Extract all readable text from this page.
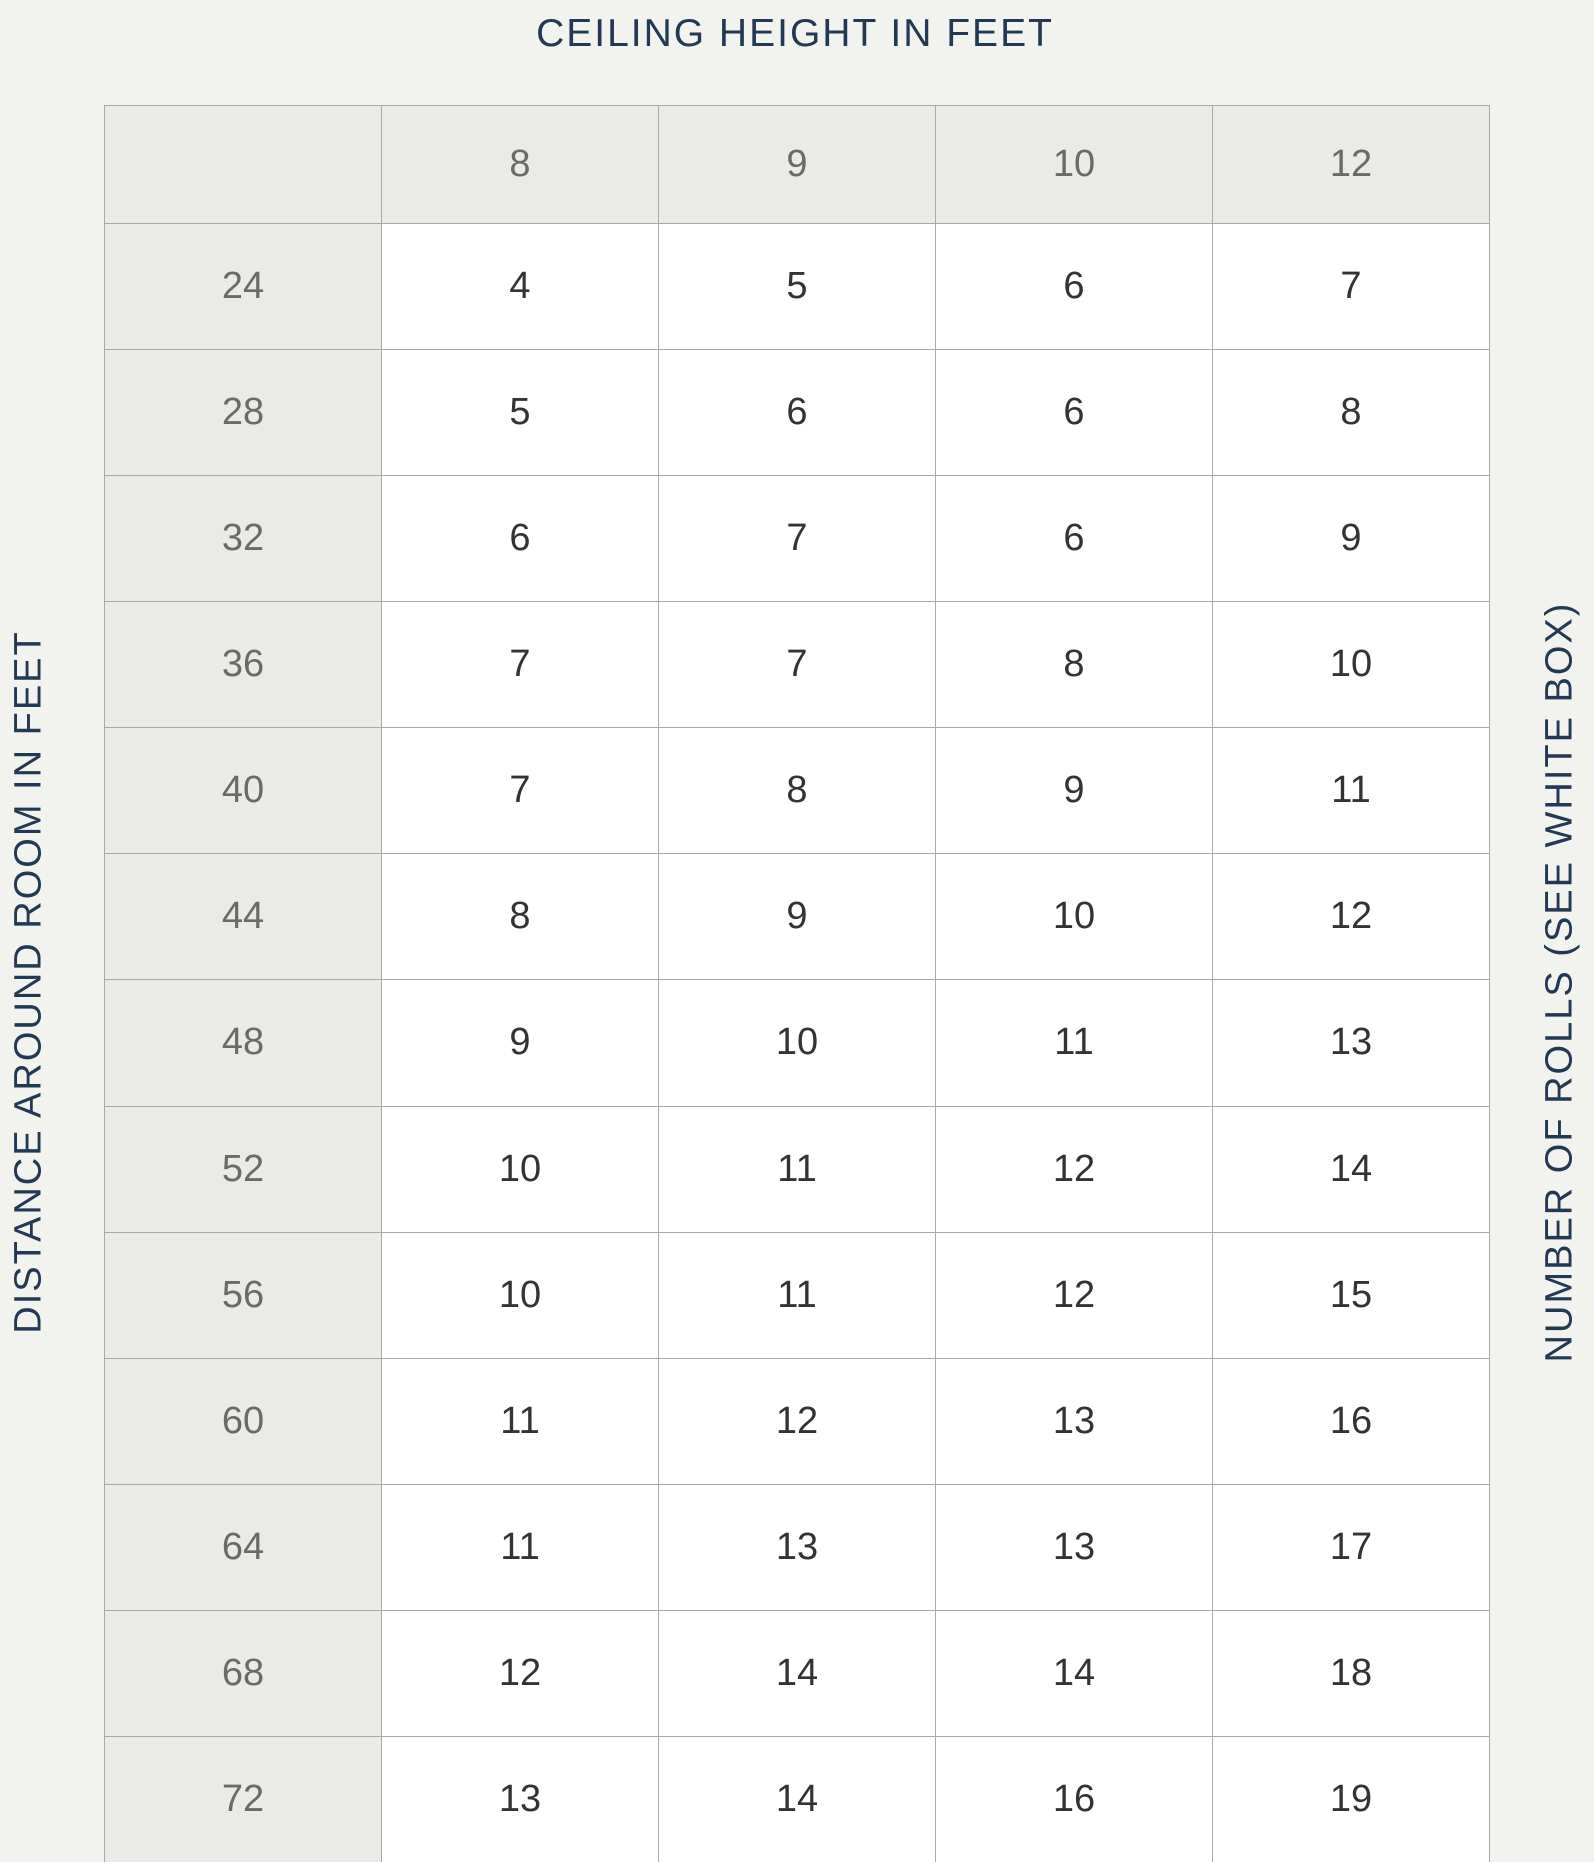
CEILING HEIGHT IN FEET
DISTANCE AROUND ROOM IN FEET	NUMBER OF ROLLS (SEE WHITE BOX)
	8	9	10	12
24	4	5	6	7
28	5	6	6	8
32	6	7	6	9
36	7	7	8	10
40	7	8	9	11
44	8	9	10	12
48	9	10	11	13
52	10	11	12	14
56	10	11	12	15
60	11	12	13	16
64	11	13	13	17
68	12	14	14	18
72	13	14	16	19
